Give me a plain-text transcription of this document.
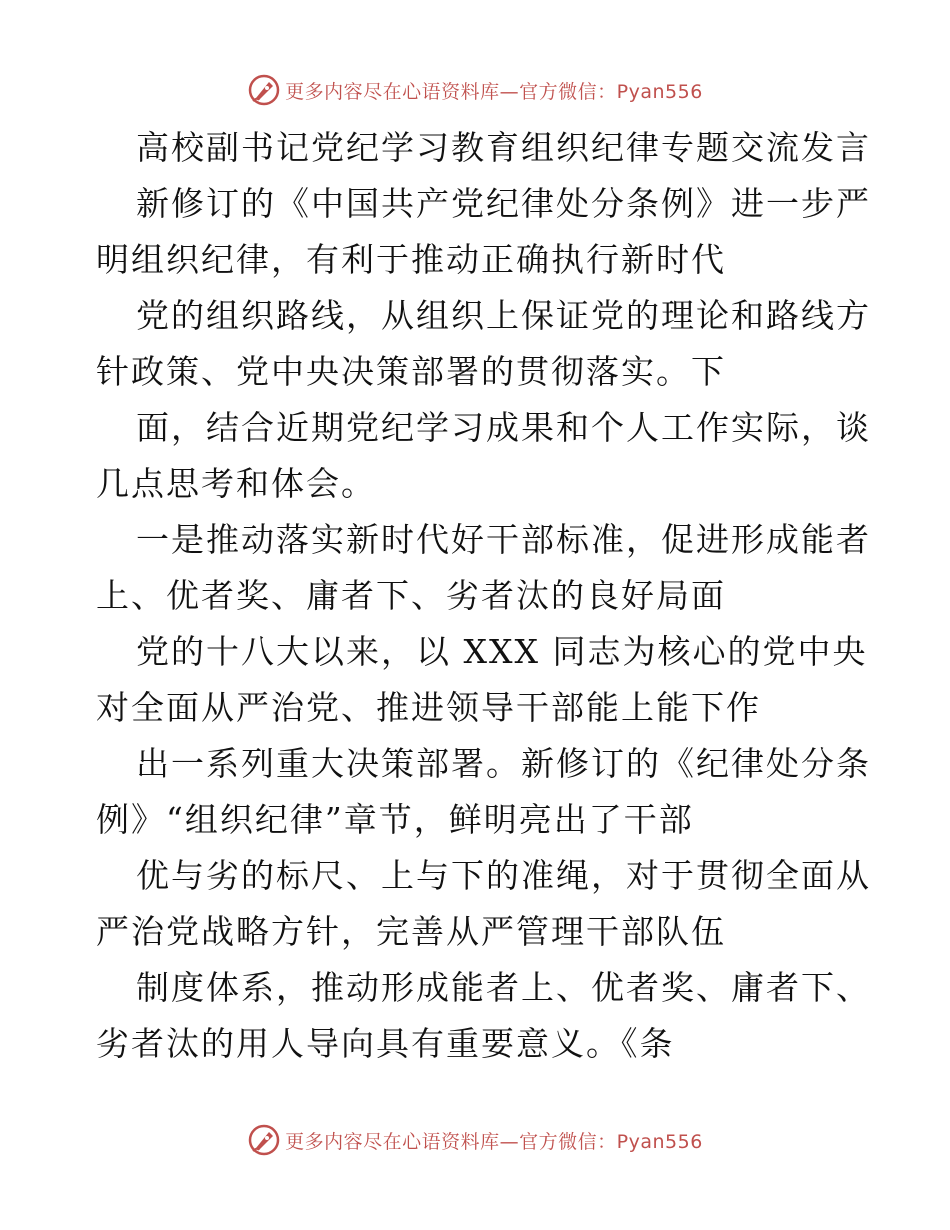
更多内容尽在心语资料库—官方微信：Pyan556
高校副书记党纪学习教育组织纪律专题交流发言
新修订的《中国共产党纪律处分条例》进一步严
明组织纪律，有利于推动正确执行新时代
党的组织路线，从组织上保证党的理论和路线方
针政策、党中央决策部署的贯彻落实。下
面，结合近期党纪学习成果和个人工作实际，谈
几点思考和体会。
一是推动落实新时代好干部标准，促进形成能者
上、优者奖、庸者下、劣者汰的良好局面
党的十八大以来，以 XXX 同志为核心的党中央
对全面从严治党、推进领导干部能上能下作
出一系列重大决策部署。新修订的《纪律处分条
例》“组织纪律”章节，鲜明亮出了干部
优与劣的标尺、上与下的准绳，对于贯彻全面从
严治党战略方针，完善从严管理干部队伍
制度体系，推动形成能者上、优者奖、庸者下、
劣者汰的用人导向具有重要意义。《条
更多内容尽在心语资料库—官方微信：Pyan556
